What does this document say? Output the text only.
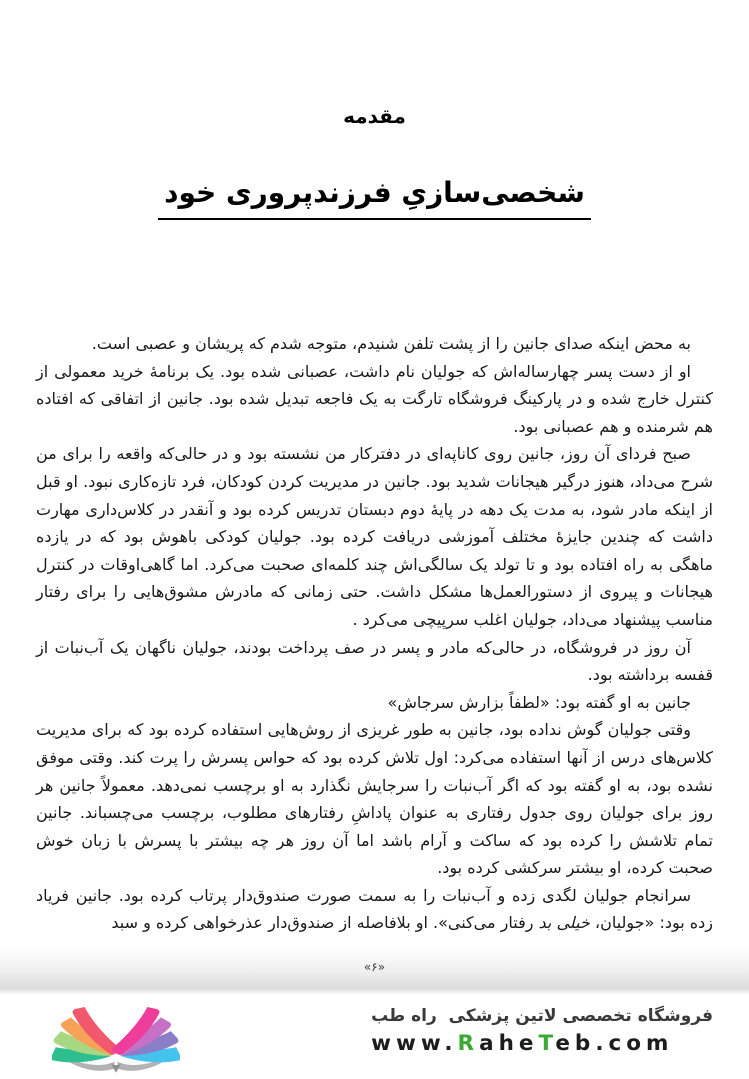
مقدمه
شخصی‌سازیِ فرزندپروری خود

به محض اینکه صدای جانین را از پشت تلفن شنیدم، متوجه شدم که پریشان و عصبی است.

او از دست پسر چهارساله‌اش که جولیان نام داشت، عصبانی شده بود. یک برنامهٔ خرید معمولی از کنترل خارج شده و در پارکینگ فروشگاه تارگت به یک فاجعه تبدیل شده بود. جانین از اتفاقی که افتاده هم شرمنده و هم عصبانی بود.

صبح فردای آن روز، جانین روی کاناپه‌ای در دفترکار من نشسته بود و در حالی‌که واقعه را برای من شرح می‌داد، هنوز درگیر هیجانات شدید بود. جانین در مدیریت کردن کودکان، فرد تازه‌کاری نبود. او قبل از اینکه مادر شود، به مدت یک دهه در پایهٔ دوم دبستان تدریس کرده بود و آنقدر در کلاس‌داری مهارت داشت که چندین جایزهٔ مختلف آموزشی دریافت کرده بود. جولیان کودکی باهوش بود که در یازده ماهگی به راه افتاده بود و تا تولد یک سالگی‌اش چند کلمه‌ای صحبت می‌کرد. اما گاهی‌اوقات در کنترل هیجانات و پیروی از دستورالعمل‌ها مشکل داشت. حتی زمانی که مادرش مشوق‌هایی را برای رفتار مناسب پیشنهاد می‌داد، جولیان اغلب سرپیچی می‌کرد .

آن روز در فروشگاه، در حالی‌که مادر و پسر در صف پرداخت بودند، جولیان ناگهان یک آب‌نبات از قفسه برداشته بود.

جانین به او گفته بود: «لطفاً بزارش سرجاش»

وقتی جولیان گوش نداده بود، جانین به طور غریزی از روش‌هایی استفاده کرده بود که برای مدیریت کلاس‌های درس از آنها استفاده می‌کرد: اول تلاش کرده بود که حواس پسرش را پرت کند. وقتی موفق نشده بود، به او گفته بود که اگر آب‌نبات را سرجایش نگذارد به او برچسب نمی‌دهد. معمولاً جانین هر روز برای جولیان روی جدول رفتاری به عنوان پاداشِ رفتارهای مطلوب، برچسب می‌چسباند. جانین تمام تلاشش را کرده بود که ساکت و آرام باشد اما آن روز هر چه بیشتر با پسرش با زبان خوش صحبت کرده، او بیشتر سرکشی کرده بود.

سرانجام جولیان لگدی زده و آب‌نبات را به سمت صورت صندوق‌دار پرتاب کرده بود. جانین فریاد زده بود: «جولیان، خیلی بد رفتار می‌کنی». او بلافاصله از صندوق‌دار عذرخواهی کرده و سبد

«۶»
فروشگاه تخصصی لاتین پزشکی  راه طب
www.RaheTeb.com
